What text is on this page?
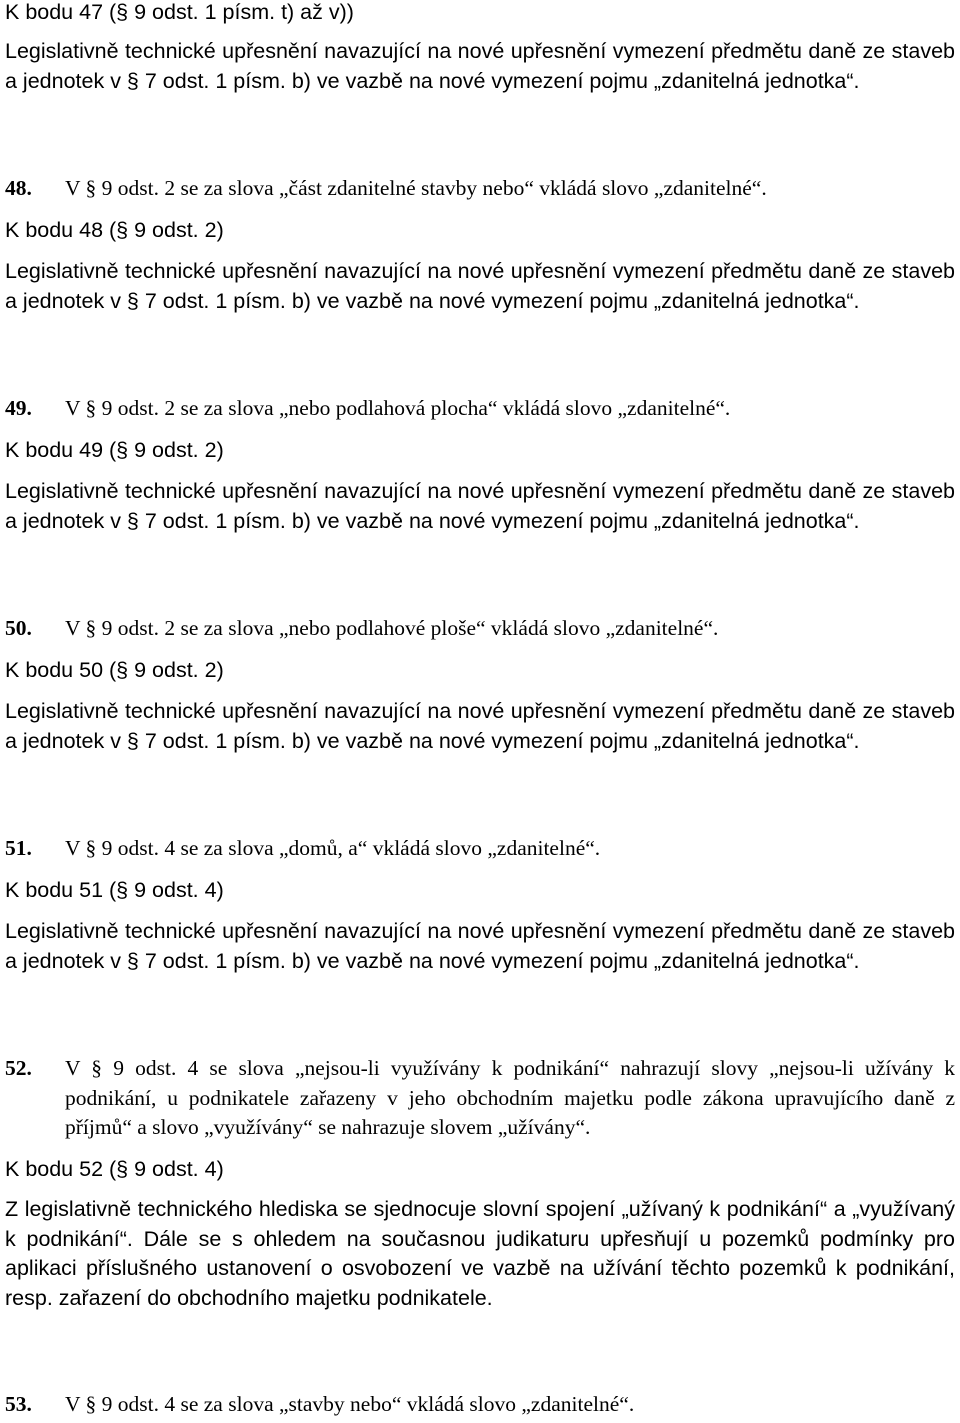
K bodu 47 (§ 9 odst. 1 písm. t) až v))

Legislativně technické upřesnění navazující na nové upřesnění vymezení předmětu daně ze staveb a jednotek v § 7 odst. 1 písm. b) ve vazbě na nové vymezení pojmu „zdanitelná jednotka“.

48. V § 9 odst. 2 se za slova „část zdanitelné stavby nebo“ vkládá slovo „zdanitelné“.
K bodu 48 (§ 9 odst. 2)

Legislativně technické upřesnění navazující na nové upřesnění vymezení předmětu daně ze staveb a jednotek v § 7 odst. 1 písm. b) ve vazbě na nové vymezení pojmu „zdanitelná jednotka“.

49. V § 9 odst. 2 se za slova „nebo podlahová plocha“ vkládá slovo „zdanitelné“.
K bodu 49 (§ 9 odst. 2)

Legislativně technické upřesnění navazující na nové upřesnění vymezení předmětu daně ze staveb a jednotek v § 7 odst. 1 písm. b) ve vazbě na nové vymezení pojmu „zdanitelná jednotka“.

50. V § 9 odst. 2 se za slova „nebo podlahové ploše“ vkládá slovo „zdanitelné“.
K bodu 50 (§ 9 odst. 2)

Legislativně technické upřesnění navazující na nové upřesnění vymezení předmětu daně ze staveb a jednotek v § 7 odst. 1 písm. b) ve vazbě na nové vymezení pojmu „zdanitelná jednotka“.

51. V § 9 odst. 4 se za slova „domů, a“ vkládá slovo „zdanitelné“.
K bodu 51 (§ 9 odst. 4)

Legislativně technické upřesnění navazující na nové upřesnění vymezení předmětu daně ze staveb a jednotek v § 7 odst. 1 písm. b) ve vazbě na nové vymezení pojmu „zdanitelná jednotka“.

52. V § 9 odst. 4 se slova „nejsou-li využívány k podnikání“ nahrazují slovy „nejsou-li užívány k podnikání, u podnikatele zařazeny v jeho obchodním majetku podle zákona upravujícího daně z příjmů“ a slovo „využívány“ se nahrazuje slovem „užívány“.
K bodu 52 (§ 9 odst. 4)

Z legislativně technického hlediska se sjednocuje slovní spojení „užívaný k podnikání“ a „využívaný k podnikání“. Dále se s ohledem na současnou judikaturu upřesňují u pozemků podmínky pro aplikaci příslušného ustanovení o osvobození ve vazbě na užívání těchto pozemků k podnikání, resp. zařazení do obchodního majetku podnikatele.

53. V § 9 odst. 4 se za slova „stavby nebo“ vkládá slovo „zdanitelné“.
